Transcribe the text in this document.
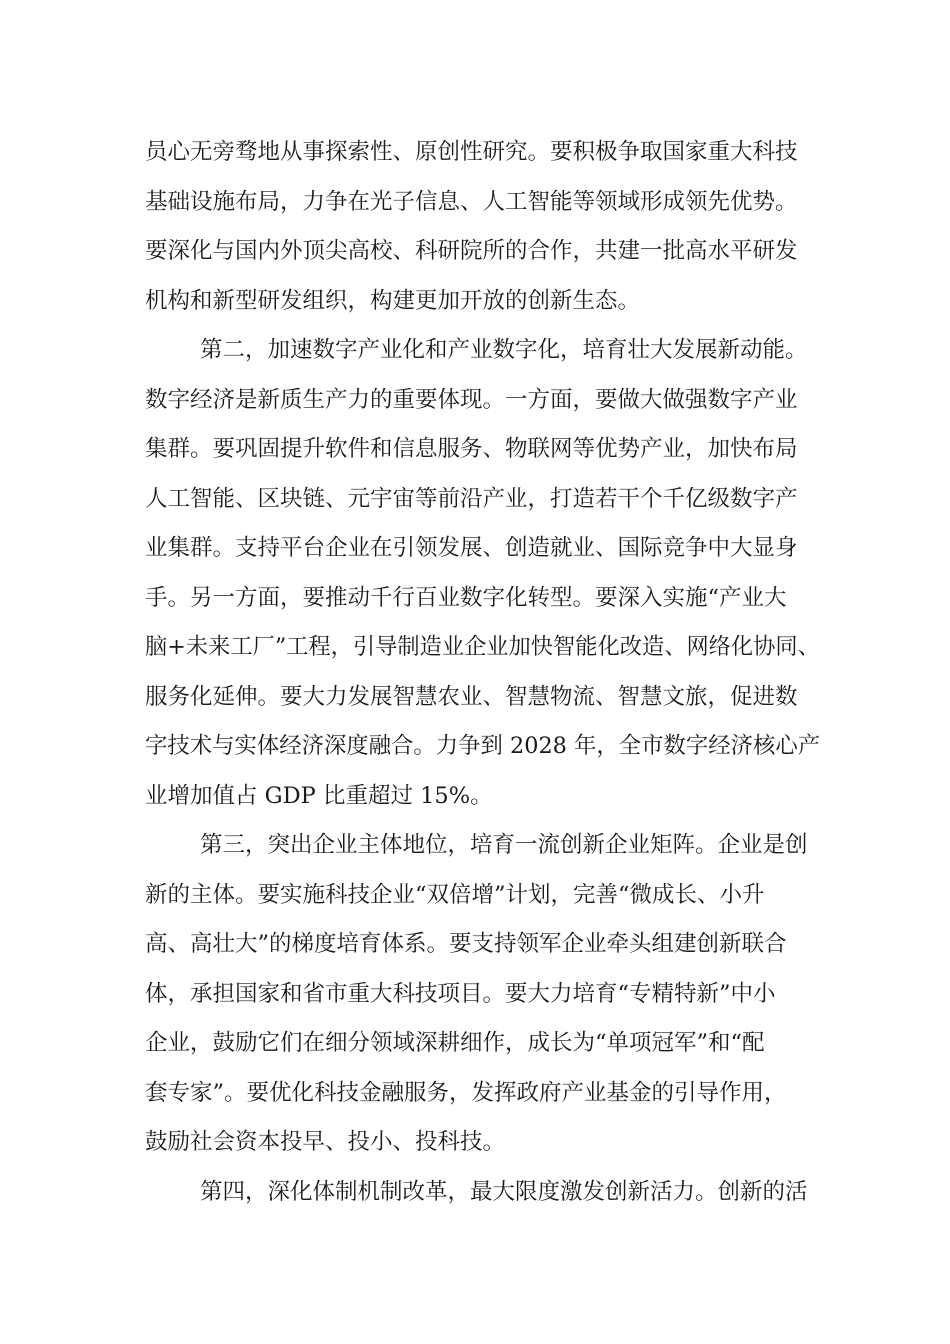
员心无旁骛地从事探索性、原创性研究。要积极争取国家重大科技
基础设施布局，力争在光子信息、人工智能等领域形成领先优势。
要深化与国内外顶尖高校、科研院所的合作，共建一批高水平研发
机构和新型研发组织，构建更加开放的创新生态。
第二，加速数字产业化和产业数字化，培育壮大发展新动能。
数字经济是新质生产力的重要体现。一方面，要做大做强数字产业
集群。要巩固提升软件和信息服务、物联网等优势产业，加快布局
人工智能、区块链、元宇宙等前沿产业，打造若干个千亿级数字产
业集群。支持平台企业在引领发展、创造就业、国际竞争中大显身
手。另一方面，要推动千行百业数字化转型。要深入实施“产业大
脑+未来工厂”工程，引导制造业企业加快智能化改造、网络化协同、
服务化延伸。要大力发展智慧农业、智慧物流、智慧文旅，促进数
字技术与实体经济深度融合。力争到 2028 年，全市数字经济核心产
业增加值占 GDP 比重超过 15%。
第三，突出企业主体地位，培育一流创新企业矩阵。企业是创
新的主体。要实施科技企业“双倍增”计划，完善“微成长、小升
高、高壮大”的梯度培育体系。要支持领军企业牵头组建创新联合
体，承担国家和省市重大科技项目。要大力培育“专精特新”中小
企业，鼓励它们在细分领域深耕细作，成长为“单项冠军”和“配
套专家”。要优化科技金融服务，发挥政府产业基金的引导作用，
鼓励社会资本投早、投小、投科技。
第四，深化体制机制改革，最大限度激发创新活力。创新的活
